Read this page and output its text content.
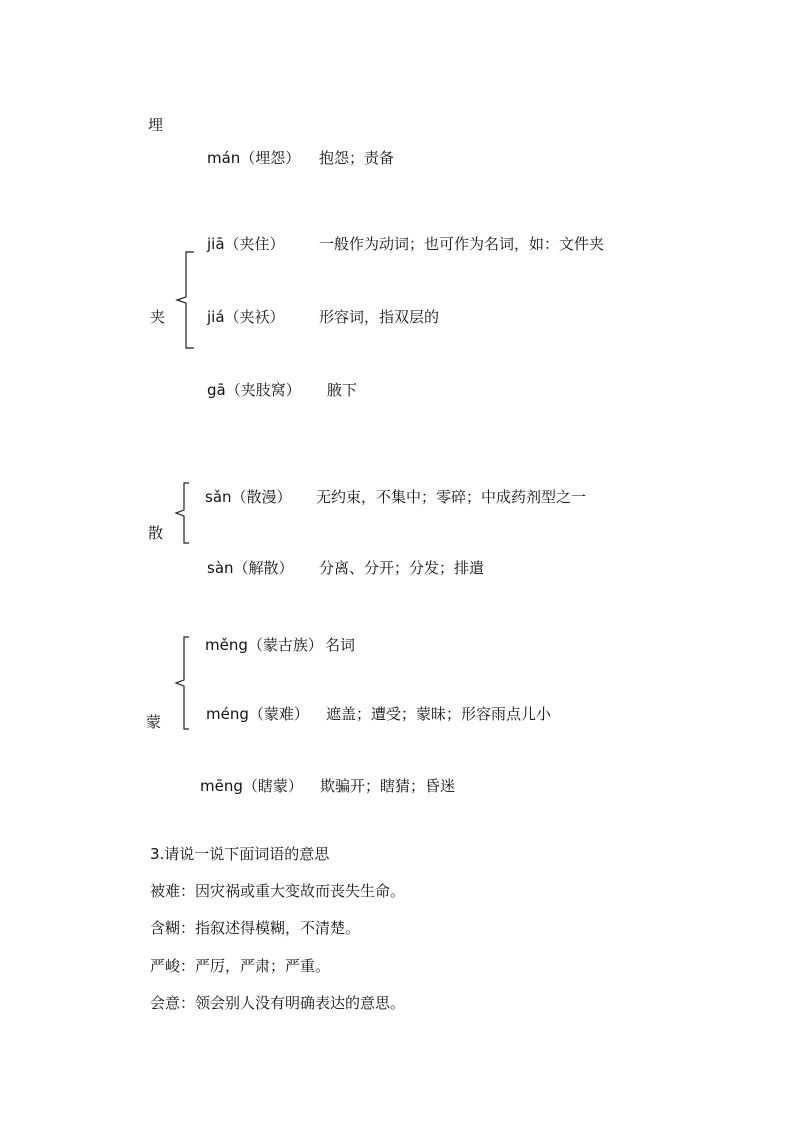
埋
mán（埋怨） 抱怨；责备
夹
jiā（夹住） 一般作为动词；也可作为名词，如：文件夹
jiá（夹袄） 形容词，指双层的
gā（夹肢窝） 腋下
散
sǎn（散漫） 无约束，不集中；零碎；中成药剂型之一
sàn（解散） 分离、分开；分发；排遣
蒙
měng（蒙古族） 名词
méng（蒙难） 遮盖；遭受；蒙昧；形容雨点儿小
mēng（瞎蒙） 欺骗开；瞎猜；昏迷
3.请说一说下面词语的意思
被难：因灾祸或重大变故而丧失生命。
含糊：指叙述得模糊，不清楚。
严峻：严厉，严肃；严重。
会意：领会别人没有明确表达的意思。
